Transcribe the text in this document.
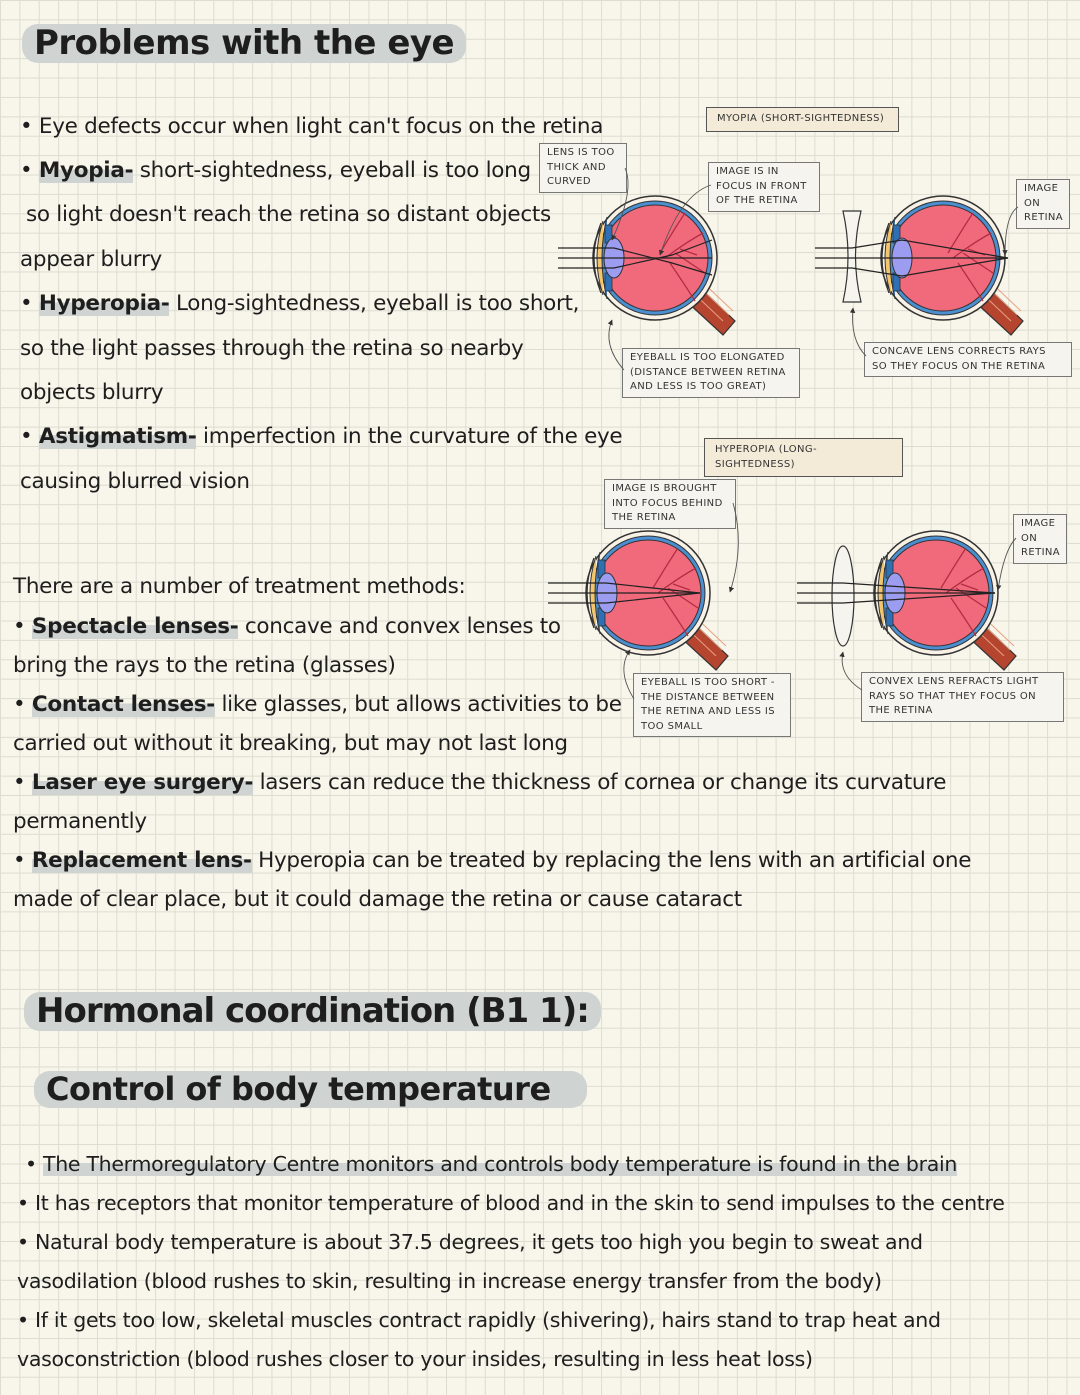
Problems with the eye
• Eye defects occur when light can't focus on the retina
• Myopia- short-sightedness, eyeball is too long
so light doesn't reach the retina so distant objects
appear blurry
• Hyperopia- Long-sightedness, eyeball is too short,
so the light passes through the retina so nearby
objects blurry
• Astigmatism- imperfection in the curvature of the eye
causing blurred vision
There are a number of treatment methods:
• Spectacle lenses- concave and convex lenses to
bring the rays to the retina (glasses)
• Contact lenses- like glasses, but allows activities to be
carried out without it breaking, but may not last long
• Laser eye surgery- lasers can reduce the thickness of cornea or change its curvature
permanently
• Replacement lens- Hyperopia can be treated by replacing the lens with an artificial one
made of clear place, but it could damage the retina or cause cataract
MYOPIA (SHORT-SIGHTEDNESS)
LENS IS TOO THICK AND CURVED
IMAGE IS IN FOCUS IN FRONT OF THE RETINA
IMAGE ON RETINA
EYEBALL IS TOO ELONGATED (DISTANCE BETWEEN RETINA AND LESS IS TOO GREAT)
CONCAVE LENS CORRECTS RAYS SO THEY FOCUS ON THE RETINA
HYPEROPIA (LONG-SIGHTEDNESS)
IMAGE IS BROUGHT INTO FOCUS BEHIND THE RETINA
IMAGE ON RETINA
EYEBALL IS TOO SHORT - THE DISTANCE BETWEEN THE RETINA AND LESS IS TOO SMALL
CONVEX LENS REFRACTS LIGHT RAYS SO THAT THEY FOCUS ON THE RETINA
Hormonal coordination (B1 1):
Control of body temperature
• The Thermoregulatory Centre monitors and controls body temperature is found in the brain
• It has receptors that monitor temperature of blood and in the skin to send impulses to the centre
• Natural body temperature is about 37.5 degrees, it gets too high you begin to sweat and
vasodilation (blood rushes to skin, resulting in increase energy transfer from the body)
• If it gets too low, skeletal muscles contract rapidly (shivering), hairs stand to trap heat and
vasoconstriction (blood rushes closer to your insides, resulting in less heat loss)
